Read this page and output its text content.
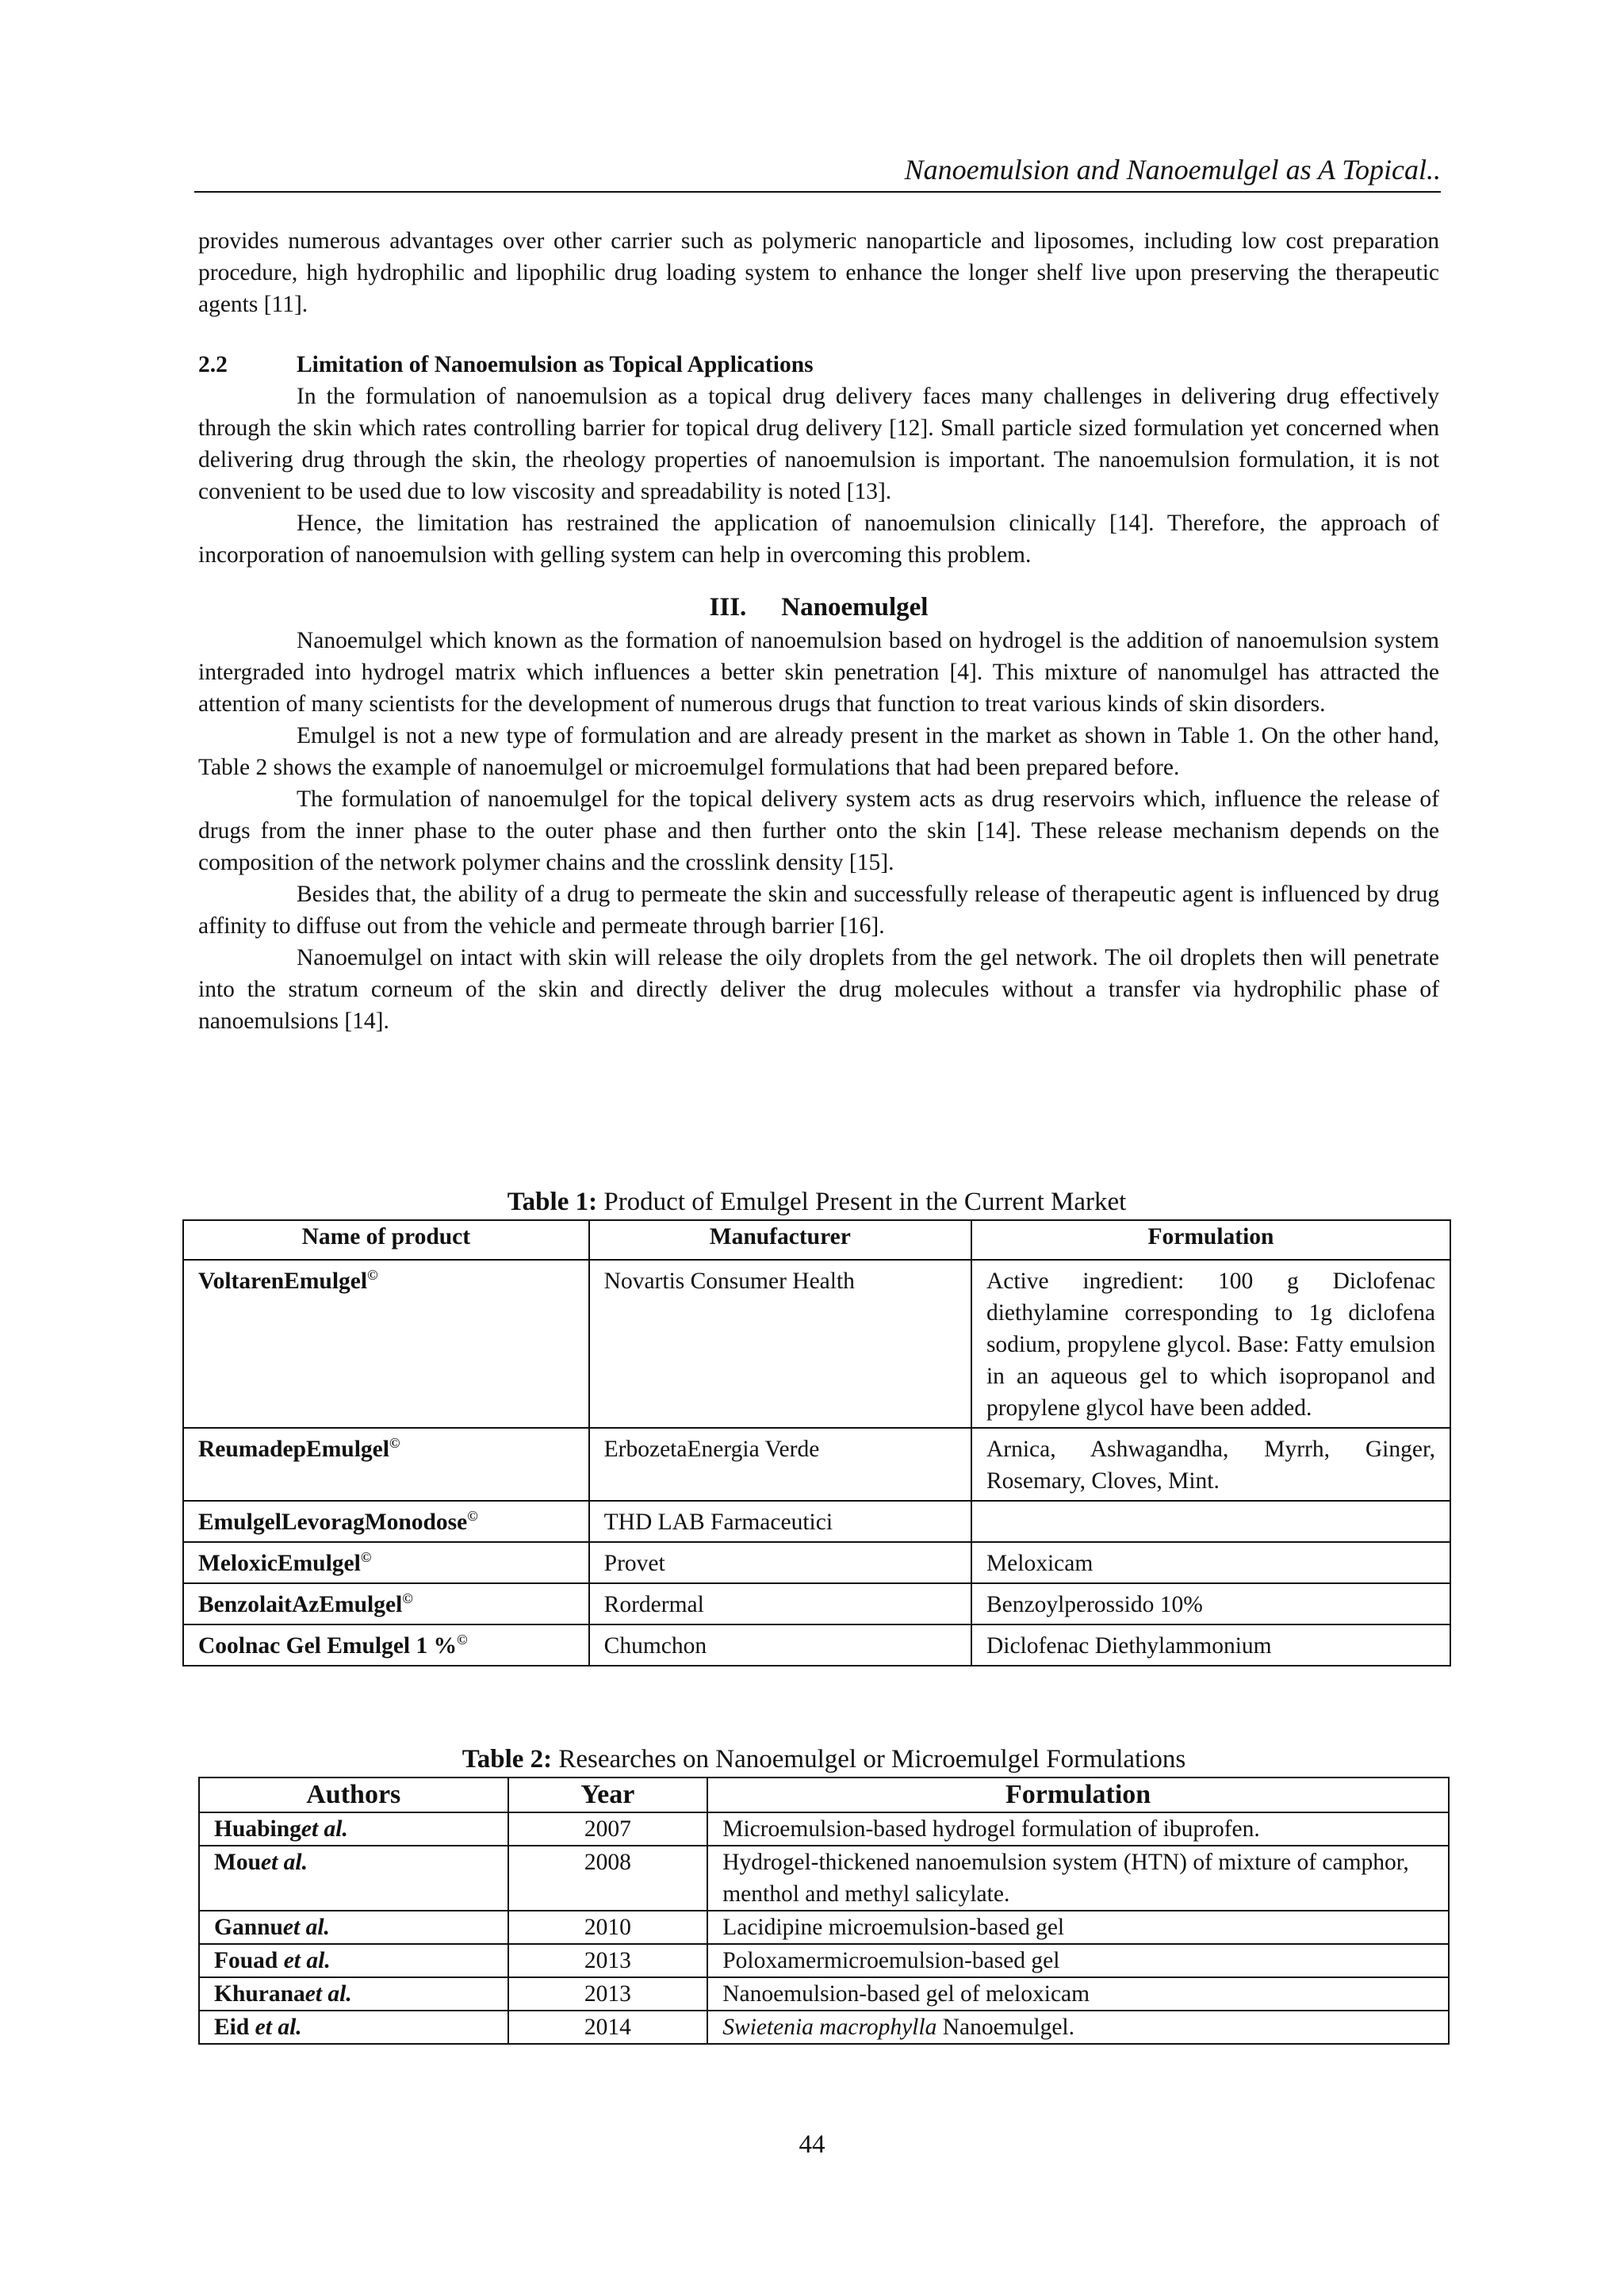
Nanoemulsion and Nanoemulgel as A Topical..

provides numerous advantages over other carrier such as polymeric nanoparticle and liposomes, including low cost preparation procedure, high hydrophilic and lipophilic drug loading system to enhance the longer shelf live upon preserving the therapeutic agents [11].

2.2	Limitation of Nanoemulsion as Topical Applications

In the formulation of nanoemulsion as a topical drug delivery faces many challenges in delivering drug effectively through the skin which rates controlling barrier for topical drug delivery [12]. Small particle sized formulation yet concerned when delivering drug through the skin, the rheology properties of nanoemulsion is important. The nanoemulsion formulation, it is not convenient to be used due to low viscosity and spreadability is noted [13].

Hence, the limitation has restrained the application of nanoemulsion clinically [14]. Therefore, the approach of incorporation of nanoemulsion with gelling system can help in overcoming this problem.

III. Nanoemulgel

Nanoemulgel which known as the formation of nanoemulsion based on hydrogel is the addition of nanoemulsion system intergraded into hydrogel matrix which influences a better skin penetration [4]. This mixture of nanomulgel has attracted the attention of many scientists for the development of numerous drugs that function to treat various kinds of skin disorders.

Emulgel is not a new type of formulation and are already present in the market as shown in Table 1. On the other hand, Table 2 shows the example of nanoemulgel or microemulgel formulations that had been prepared before.

The formulation of nanoemulgel for the topical delivery system acts as drug reservoirs which, influence the release of drugs from the inner phase to the outer phase and then further onto the skin [14]. These release mechanism depends on the composition of the network polymer chains and the crosslink density [15].

Besides that, the ability of a drug to permeate the skin and successfully release of therapeutic agent is influenced by drug affinity to diffuse out from the vehicle and permeate through barrier [16].

Nanoemulgel on intact with skin will release the oily droplets from the gel network. The oil droplets then will penetrate into the stratum corneum of the skin and directly deliver the drug molecules without a transfer via hydrophilic phase of nanoemulsions [14].

Table 1: Product of Emulgel Present in the Current Market
Name of product	Manufacturer	Formulation
VoltarenEmulgel©	Novartis Consumer Health	Active ingredient: 100 g Diclofenac diethylamine corresponding to 1g diclofena sodium, propylene glycol. Base: Fatty emulsion in an aqueous gel to which isopropanol and propylene glycol have been added.
ReumadepEmulgel©	ErbozetaEnergia Verde	Arnica, Ashwagandha, Myrrh, Ginger, Rosemary, Cloves, Mint.
EmulgelLevoragMonodose©	THD LAB Farmaceutici	
MeloxicEmulgel©	Provet	Meloxicam
BenzolaitAzEmulgel©	Rordermal	Benzoylperossido 10%
Coolnac Gel Emulgel 1 %©	Chumchon	Diclofenac Diethylammonium
Table 2: Researches on Nanoemulgel or Microemulgel Formulations
Authors	Year	Formulation
Huabinget al.	2007	Microemulsion-based hydrogel formulation of ibuprofen.
Mouet al.	2008	Hydrogel-thickened nanoemulsion system (HTN) of mixture of camphor, menthol and methyl salicylate.
Gannuet al.	2010	Lacidipine microemulsion-based gel
Fouad et al.	2013	Poloxamermicroemulsion-based gel
Khuranaet al.	2013	Nanoemulsion-based gel of meloxicam
Eid et al.	2014	Swietenia macrophylla Nanoemulgel.
44
